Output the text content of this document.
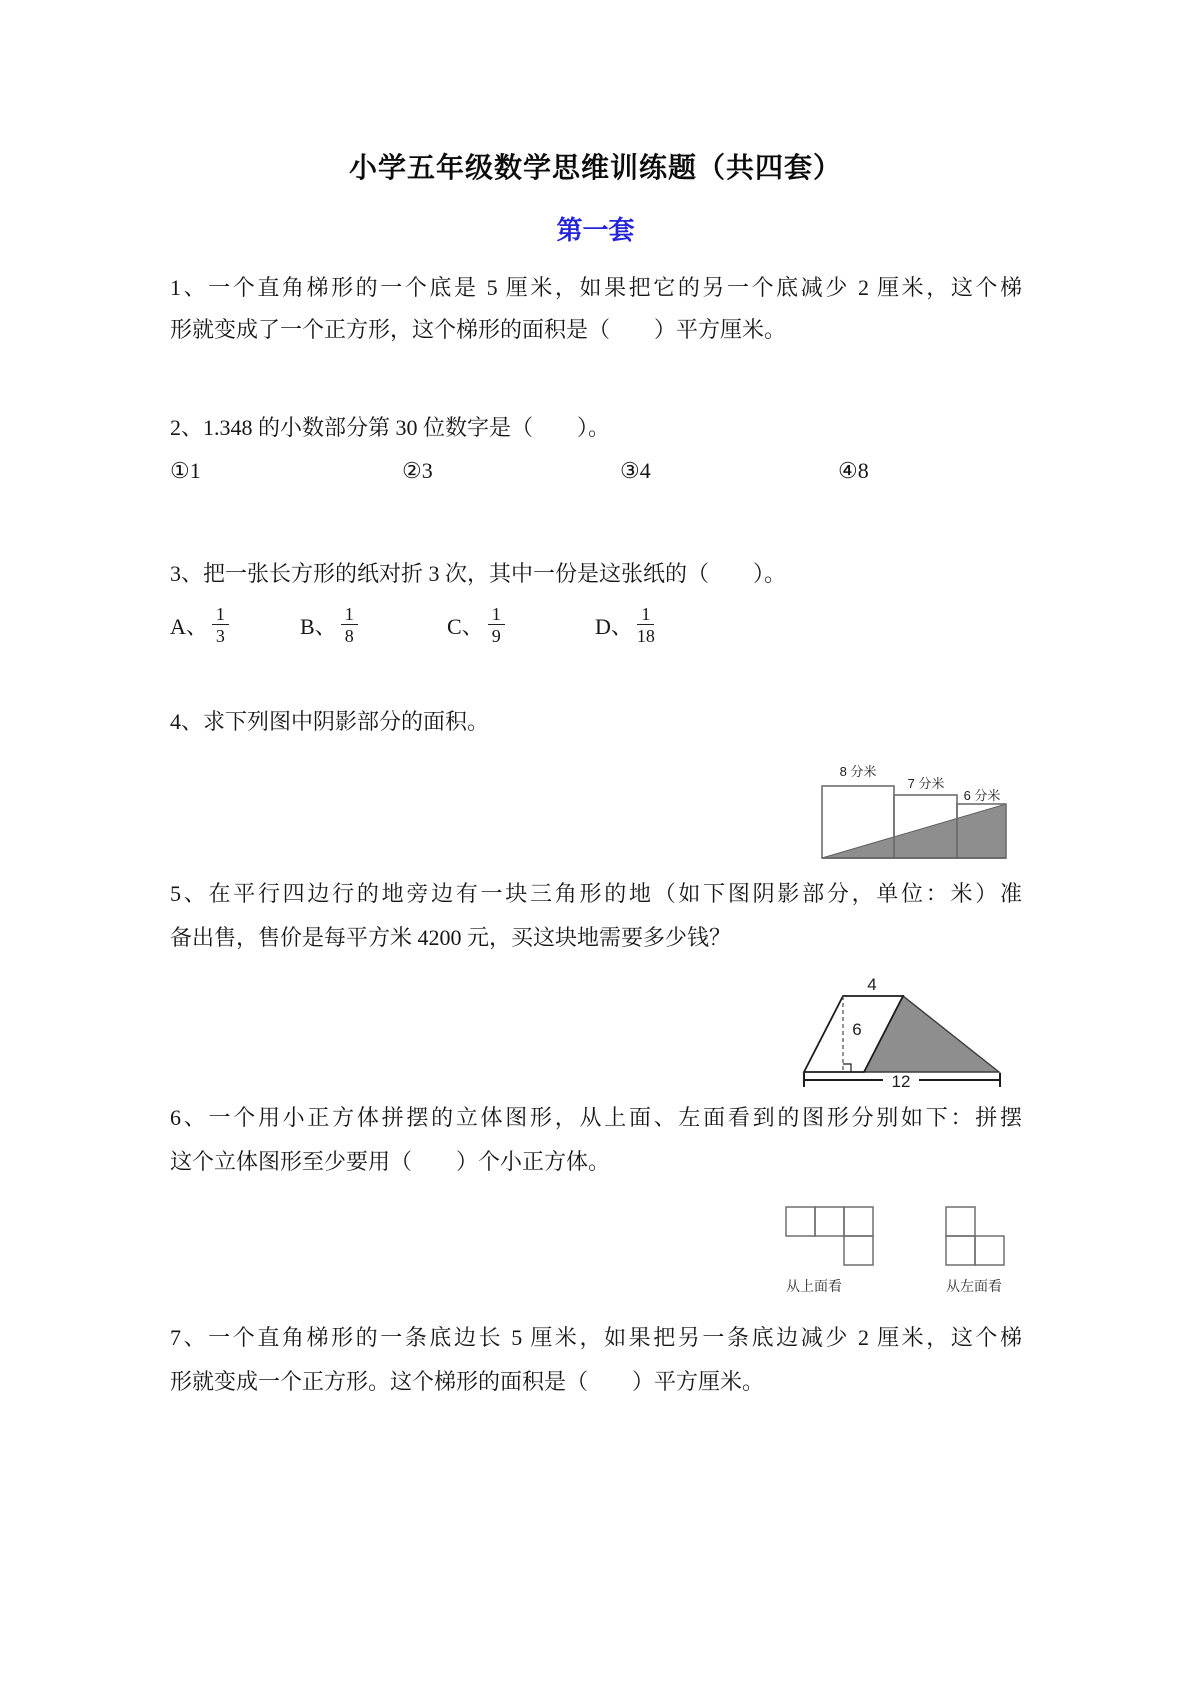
小学五年级数学思维训练题（共四套）
第一套
1、一个直角梯形的一个底是 5 厘米，如果把它的另一个底减少 2 厘米，这个梯
形就变成了一个正方形，这个梯形的面积是（　　）平方厘米。
2、1.348 的小数部分第 30 位数字是（　　）。
①1	②3	③4	④8
3、把一张长方形的纸对折 3 次，其中一份是这张纸的（　　）。
A、 $\frac{1}{3}$	B、 $\frac{1}{8}$	C、 $\frac{1}{9}$	D、 $\frac{1}{18}$
4、求下列图中阴影部分的面积。
8 分米
7 分米
6 分米
5、在平行四边行的地旁边有一块三角形的地（如下图阴影部分，单位：米）准
备出售，售价是每平方米 4200 元，买这块地需要多少钱？
4
6
12
6、一个用小正方体拼摆的立体图形，从上面、左面看到的图形分别如下：拼摆
这个立体图形至少要用（　　）个小正方体。
从上面看	从左面看
7、一个直角梯形的一条底边长 5 厘米，如果把另一条底边减少 2 厘米，这个梯
形就变成一个正方形。这个梯形的面积是（　　）平方厘米。
